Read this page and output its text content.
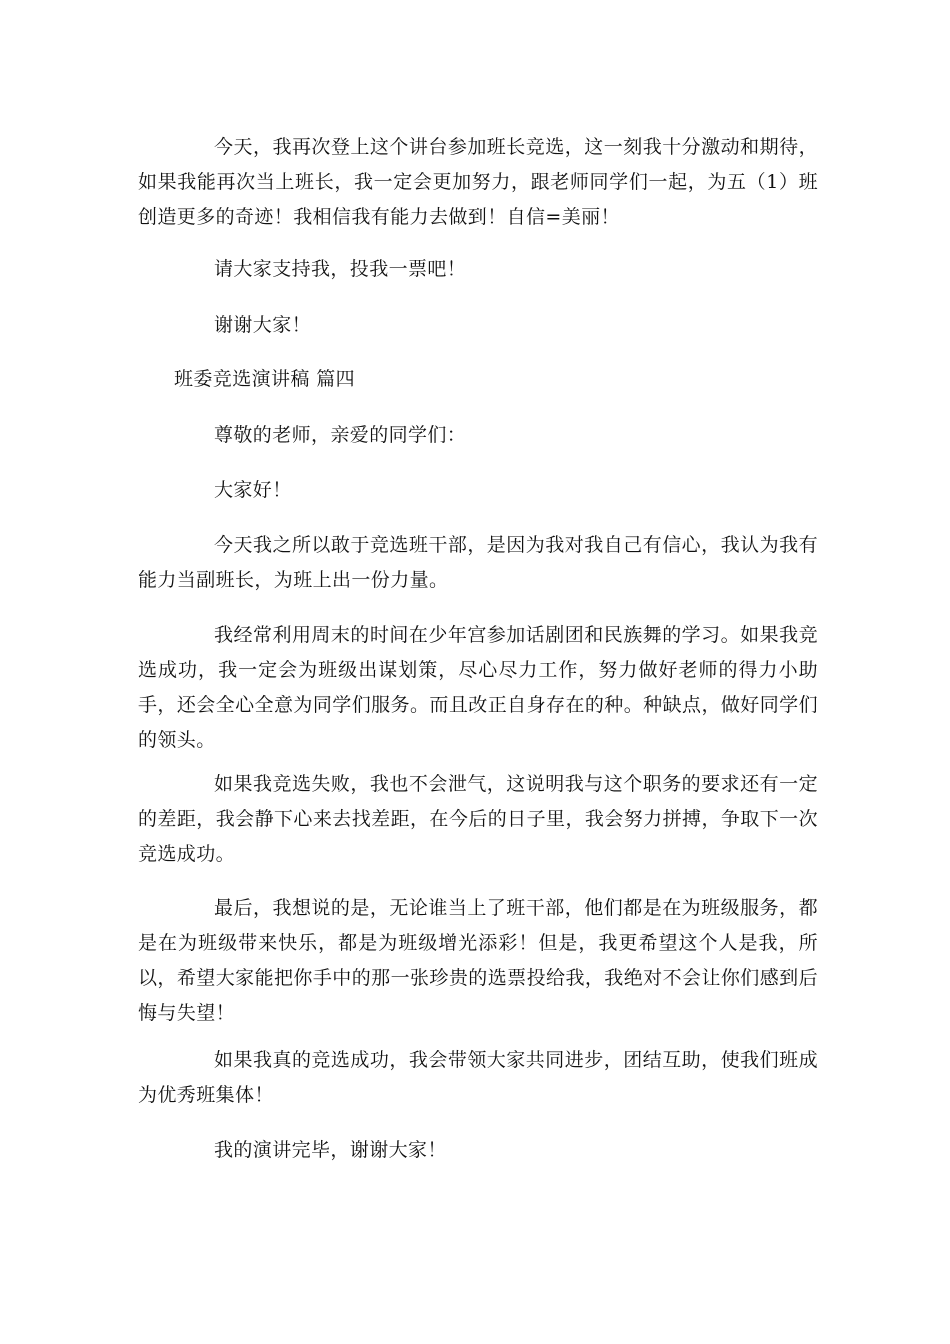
今天，我再次登上这个讲台参加班长竞选，这一刻我十分激动和期待，如果我能再次当上班长，我一定会更加努力，跟老师同学们一起，为五（1）班创造更多的奇迹！我相信我有能力去做到！自信=美丽！

请大家支持我，投我一票吧！

谢谢大家！

班委竞选演讲稿 篇四

尊敬的老师，亲爱的同学们：

大家好！

今天我之所以敢于竞选班干部，是因为我对我自己有信心，我认为我有能力当副班长，为班上出一份力量。

我经常利用周末的时间在少年宫参加话剧团和民族舞的学习。如果我竞选成功，我一定会为班级出谋划策，尽心尽力工作，努力做好老师的得力小助手，还会全心全意为同学们服务。而且改正自身存在的种。种缺点，做好同学们的领头。

如果我竞选失败，我也不会泄气，这说明我与这个职务的要求还有一定的差距，我会静下心来去找差距，在今后的日子里，我会努力拼搏，争取下一次竞选成功。

最后，我想说的是，无论谁当上了班干部，他们都是在为班级服务，都是在为班级带来快乐，都是为班级增光添彩！但是，我更希望这个人是我，所以，希望大家能把你手中的那一张珍贵的选票投给我，我绝对不会让你们感到后悔与失望！

如果我真的竞选成功，我会带领大家共同进步，团结互助，使我们班成为优秀班集体！

我的演讲完毕，谢谢大家！
